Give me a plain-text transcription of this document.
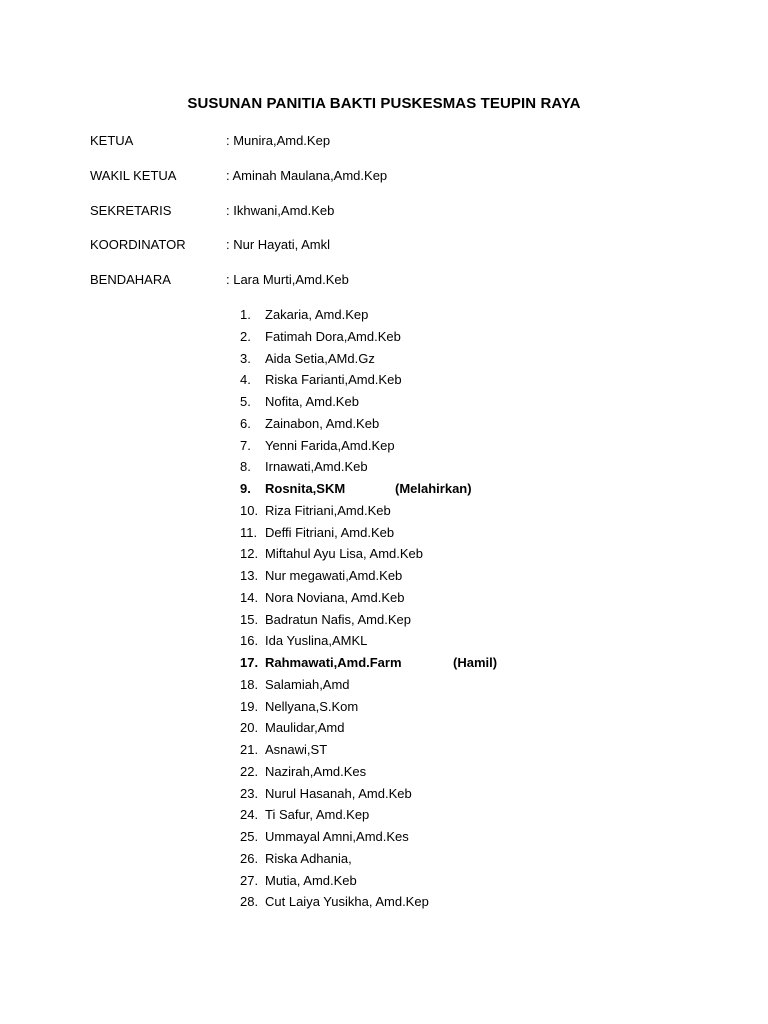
SUSUNAN PANITIA BAKTI PUSKESMAS TEUPIN RAYA
KETUA	: Munira,Amd.Kep
WAKIL KETUA	: Aminah Maulana,Amd.Kep
SEKRETARIS	: Ikhwani,Amd.Keb
KOORDINATOR	: Nur Hayati, Amkl
BENDAHARA	: Lara Murti,Amd.Keb
1. Zakaria, Amd.Kep
2. Fatimah Dora,Amd.Keb
3. Aida Setia,AMd.Gz
4. Riska Farianti,Amd.Keb
5. Nofita, Amd.Keb
6. Zainabon, Amd.Keb
7. Yenni Farida,Amd.Kep
8. Irnawati,Amd.Keb
9. Rosnita,SKM	(Melahirkan)
10. Riza Fitriani,Amd.Keb
11. Deffi Fitriani, Amd.Keb
12. Miftahul Ayu Lisa, Amd.Keb
13. Nur megawati,Amd.Keb
14. Nora Noviana, Amd.Keb
15. Badratun Nafis, Amd.Kep
16. Ida Yuslina,AMKL
17. Rahmawati,Amd.Farm	(Hamil)
18. Salamiah,Amd
19. Nellyana,S.Kom
20. Maulidar,Amd
21. Asnawi,ST
22. Nazirah,Amd.Kes
23. Nurul Hasanah, Amd.Keb
24. Ti Safur, Amd.Kep
25. Ummayal Amni,Amd.Kes
26. Riska Adhania,
27. Mutia, Amd.Keb
28. Cut Laiya Yusikha, Amd.Kep
